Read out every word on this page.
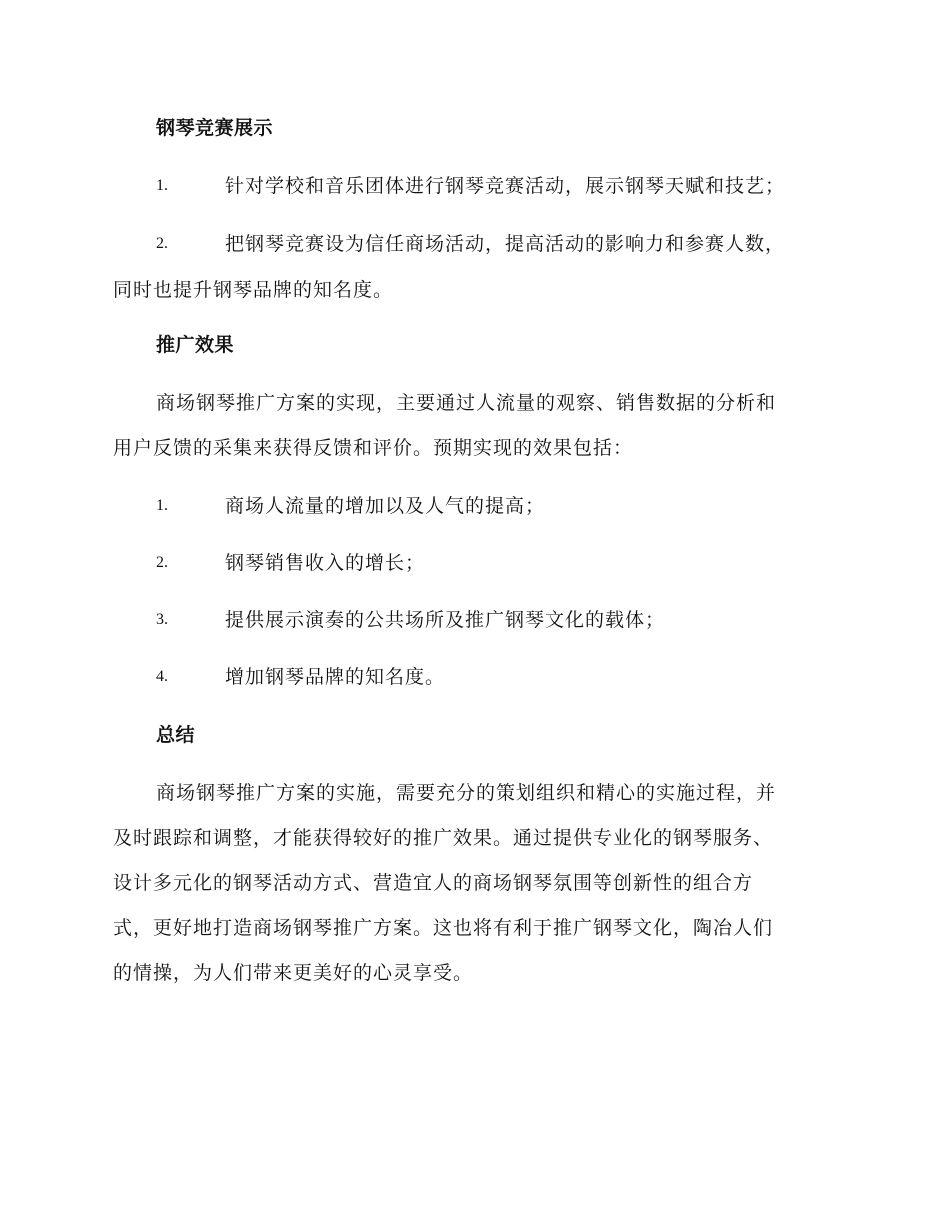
钢琴竞赛展示
1.	针对学校和音乐团体进行钢琴竞赛活动，展示钢琴天赋和技艺；
2.	把钢琴竞赛设为信任商场活动，提高活动的影响力和参赛人数，
同时也提升钢琴品牌的知名度。
推广效果
商场钢琴推广方案的实现，主要通过人流量的观察、销售数据的分析和
用户反馈的采集来获得反馈和评价。预期实现的效果包括：
1.	商场人流量的增加以及人气的提高；
2.	钢琴销售收入的增长；
3.	提供展示演奏的公共场所及推广钢琴文化的载体；
4.	增加钢琴品牌的知名度。
总结
商场钢琴推广方案的实施，需要充分的策划组织和精心的实施过程，并
及时跟踪和调整，才能获得较好的推广效果。通过提供专业化的钢琴服务、
设计多元化的钢琴活动方式、营造宜人的商场钢琴氛围等创新性的组合方
式，更好地打造商场钢琴推广方案。这也将有利于推广钢琴文化，陶冶人们
的情操，为人们带来更美好的心灵享受。
